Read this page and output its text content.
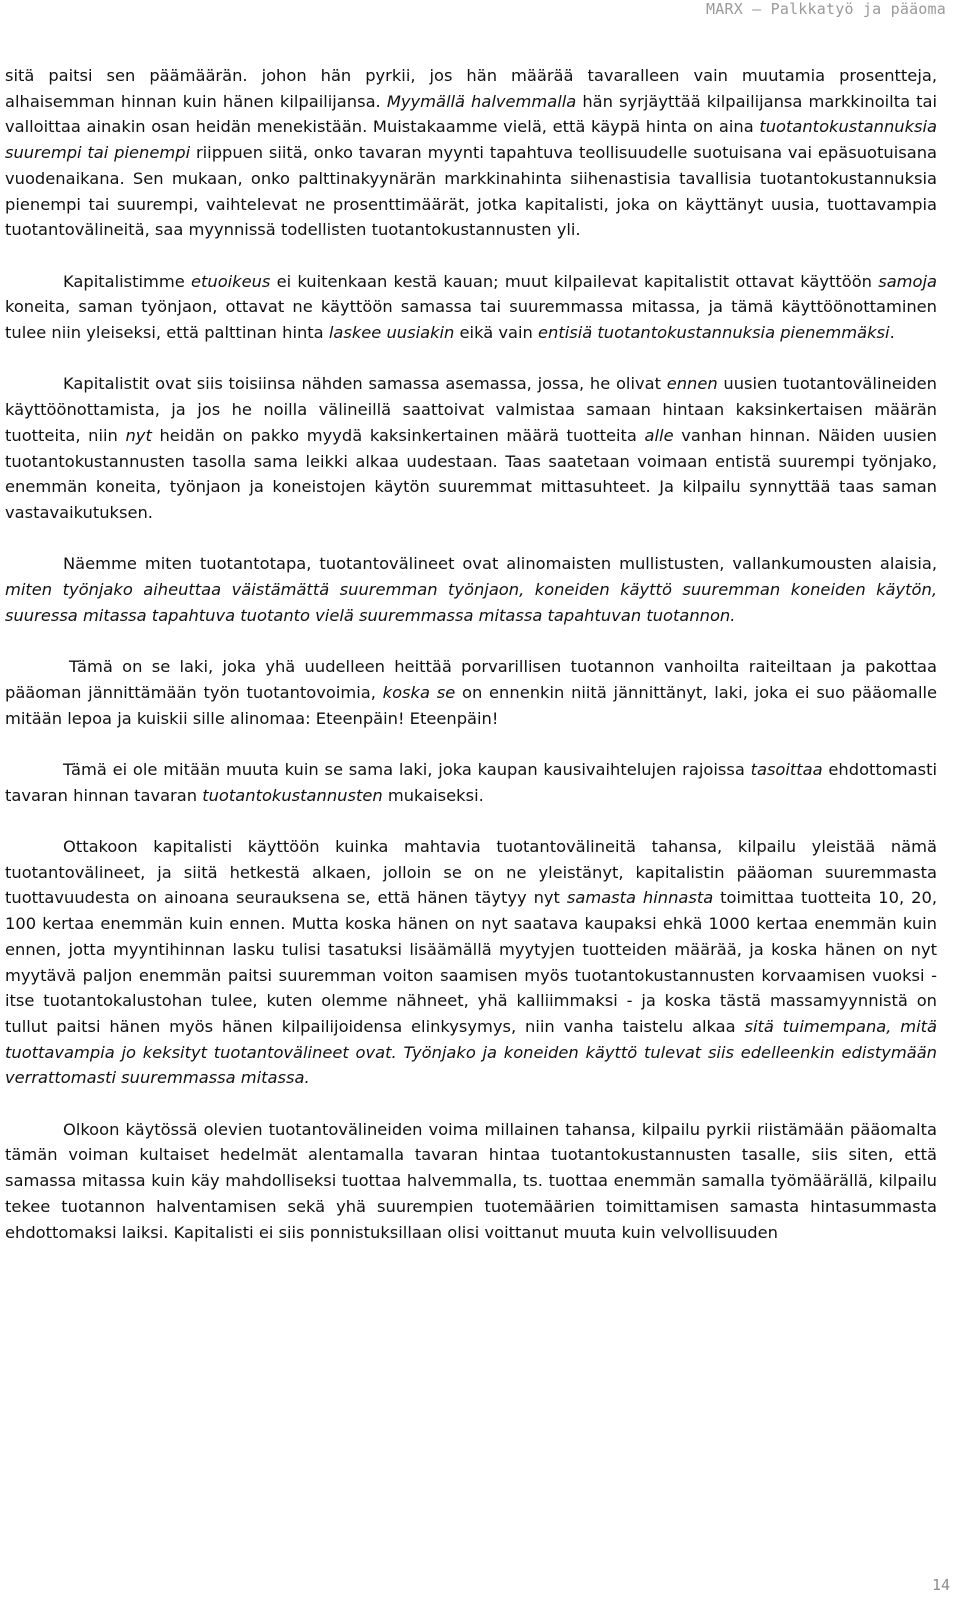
MARX – Palkkatyö ja pääoma

sitä paitsi sen päämäärän. johon hän pyrkii, jos hän määrää tavaralleen vain muutamia prosentteja, alhaisemman hinnan kuin hänen kilpailijansa. Myymällä halvemmalla hän syrjäyttää kilpailijansa markkinoilta tai valloittaa ainakin osan heidän menekistään. Muistakaamme vielä, että käypä hinta on aina tuotantokustannuksia suurempi tai pienempi riippuen siitä, onko tavaran myynti tapahtuva teollisuudelle suotuisana vai epäsuotuisana vuodenaikana. Sen mukaan, onko palttinakyynärän markkinahinta siihenastisia tavallisia tuotantokustannuksia pienempi tai suurempi, vaihtelevat ne prosenttimäärät, jotka kapitalisti, joka on käyttänyt uusia, tuottavampia tuotantovälineitä, saa myynnissä todellisten tuotantokustannusten yli.

Kapitalistimme etuoikeus ei kuitenkaan kestä kauan; muut kilpailevat kapitalistit ottavat käyttöön samoja koneita, saman työnjaon, ottavat ne käyttöön samassa tai suuremmassa mitassa, ja tämä käyttöönottaminen tulee niin yleiseksi, että palttinan hinta laskee uusiakin eikä vain entisiä tuotantokustannuksia pienemmäksi.

Kapitalistit ovat siis toisiinsa nähden samassa asemassa, jossa, he olivat ennen uusien tuotantovälineiden käyttöönottamista, ja jos he noilla välineillä saattoivat valmistaa samaan hintaan kaksinkertaisen määrän tuotteita, niin nyt heidän on pakko myydä kaksinkertainen määrä tuotteita alle vanhan hinnan. Näiden uusien tuotantokustannusten tasolla sama leikki alkaa uudestaan. Taas saatetaan voimaan entistä suurempi työnjako, enemmän koneita, työnjaon ja koneistojen käytön suuremmat mittasuhteet. Ja kilpailu synnyttää taas saman vastavaikutuksen.

Näemme miten tuotantotapa, tuotantovälineet ovat alinomaisten mullistusten, vallankumousten alaisia, miten työnjako aiheuttaa väistämättä suuremman työnjaon, koneiden käyttö suuremman koneiden käytön, suuressa mitassa tapahtuva tuotanto vielä suuremmassa mitassa tapahtuvan tuotannon.

Tämä on se laki, joka yhä uudelleen heittää porvarillisen tuotannon vanhoilta raiteiltaan ja pakottaa pääoman jännittämään työn tuotantovoimia, koska se on ennenkin niitä jännittänyt, laki, joka ei suo pääomalle mitään lepoa ja kuiskii sille alinomaa: Eteenpäin! Eteenpäin!

Tämä ei ole mitään muuta kuin se sama laki, joka kaupan kausivaihtelujen rajoissa tasoittaa ehdottomasti tavaran hinnan tavaran tuotantokustannusten mukaiseksi.

Ottakoon kapitalisti käyttöön kuinka mahtavia tuotantovälineitä tahansa, kilpailu yleistää nämä tuotantovälineet, ja siitä hetkestä alkaen, jolloin se on ne yleistänyt, kapitalistin pääoman suuremmasta tuottavuudesta on ainoana seurauksena se, että hänen täytyy nyt samasta hinnasta toimittaa tuotteita 10, 20, 100 kertaa enemmän kuin ennen. Mutta koska hänen on nyt saatava kaupaksi ehkä 1000 kertaa enemmän kuin ennen, jotta myyntihinnan lasku tulisi tasatuksi lisäämällä myytyjen tuotteiden määrää, ja koska hänen on nyt myytävä paljon enemmän paitsi suuremman voiton saamisen myös tuotantokustannusten korvaamisen vuoksi - itse tuotantokalustohan tulee, kuten olemme nähneet, yhä kalliimmaksi - ja koska tästä massamyynnistä on tullut paitsi hänen myös hänen kilpailijoidensa elinkysymys, niin vanha taistelu alkaa sitä tuimempana, mitä tuottavampia jo keksityt tuotantovälineet ovat. Työnjako ja koneiden käyttö tulevat siis edelleenkin edistymään verrattomasti suuremmassa mitassa.

Olkoon käytössä olevien tuotantovälineiden voima millainen tahansa, kilpailu pyrkii riistämään pääomalta tämän voiman kultaiset hedelmät alentamalla tavaran hintaa tuotantokustannusten tasalle, siis siten, että samassa mitassa kuin käy mahdolliseksi tuottaa halvemmalla, ts. tuottaa enemmän samalla työmäärällä, kilpailu tekee tuotannon halventamisen sekä yhä suurempien tuotemäärien toimittamisen samasta hintasummasta ehdottomaksi laiksi. Kapitalisti ei siis ponnistuksillaan olisi voittanut muuta kuin velvollisuuden

14
